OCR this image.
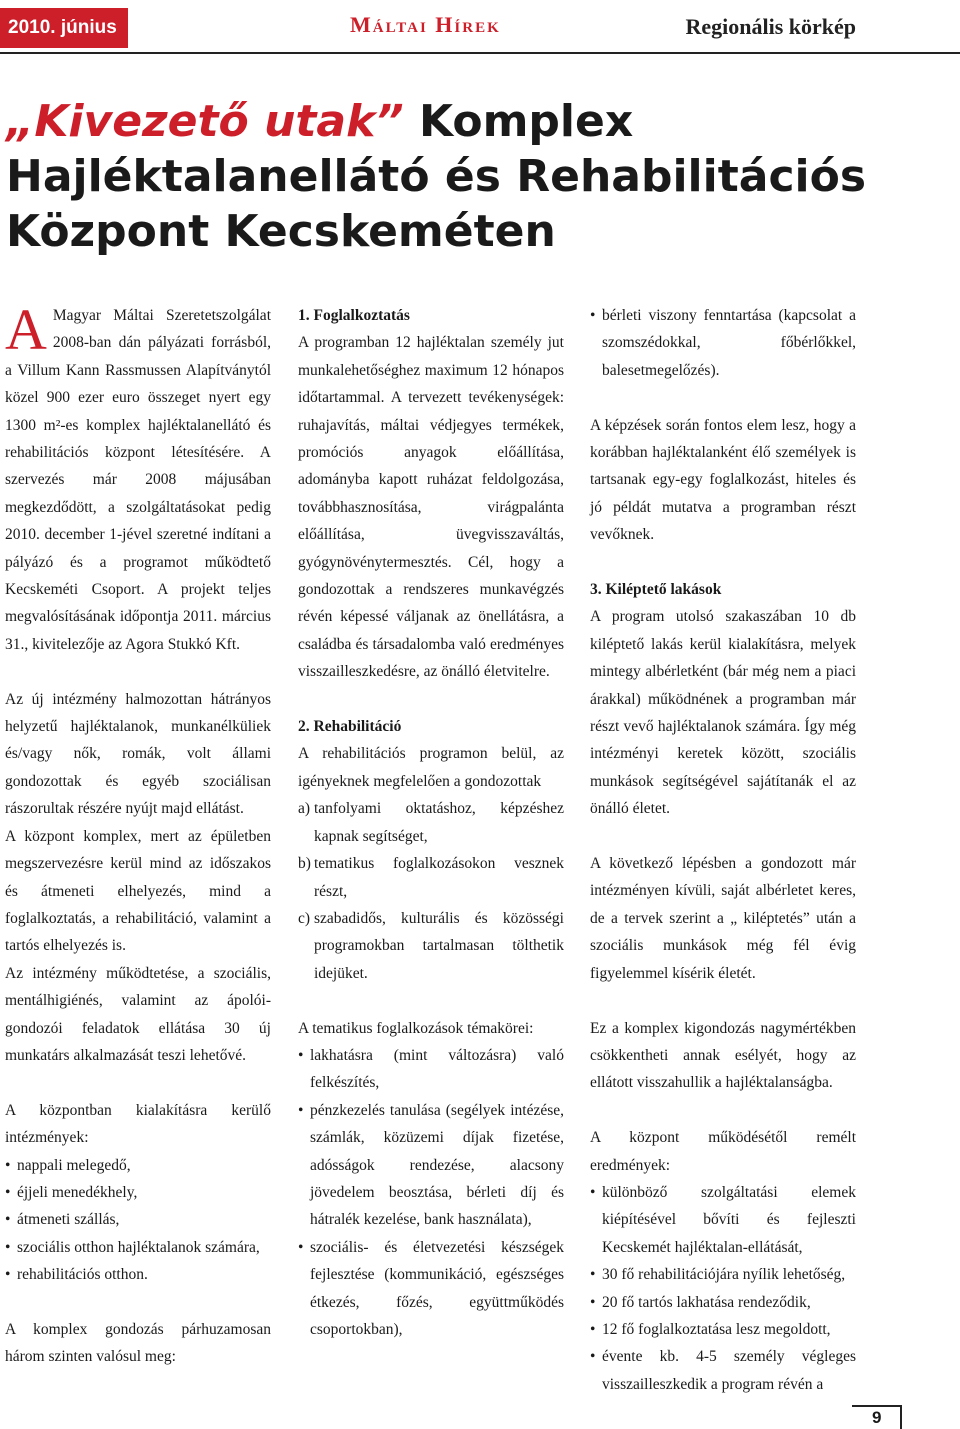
2010. június	Máltai Hírek	Regionális körkép
„Kivezető utak” Komplex Hajléktalanellátó és Rehabilitációs Központ Kecskeméten

A Magyar Máltai Szeretetszolgálat 2008-ban dán pályázati forrásból, a Villum Kann Rassmussen Alapítványtól közel 900 ezer euro összeget nyert egy 1300 m²-es komplex hajléktalanellátó és rehabilitációs központ létesítésére. A szervezés már 2008 májusában megkezdődött, a szolgáltatásokat pedig 2010. december 1-jével szeretné indítani a pályázó és a programot működtető Kecskeméti Csoport. A projekt teljes megvalósításának időpontja 2011. március 31., kivitelezője az Agora Stukkó Kft.

Az új intézmény halmozottan hátrányos helyzetű hajléktalanok, munkanélküliek és/vagy nők, romák, volt állami gondozottak és egyéb szociálisan rászorultak részére nyújt majd ellátást.

A központ komplex, mert az épületben megszervezésre kerül mind az időszakos és átmeneti elhelyezés, mind a foglalkoztatás, a rehabilitáció, valamint a tartós elhelyezés is.

Az intézmény működtetése, a szociális, mentálhigiénés, valamint az ápolói-gondozói feladatok ellátása 30 új munkatárs alkalmazását teszi lehetővé.

A központban kialakításra kerülő intézmények:

• nappali melegedő,
• éjjeli menedékhely,
• átmeneti szállás,
• szociális otthon hajléktalanok számára,
• rehabilitációs otthon.

A komplex gondozás párhuzamosan három szinten valósul meg:

1. Foglalkoztatás

A programban 12 hajléktalan személy jut munkalehetőséghez maximum 12 hónapos időtartammal. A tervezett tevékenységek: ruhajavítás, máltai védjegyes termékek, promóciós anyagok előállítása, adományba kapott ruházat feldolgozása, továbbhasznosítása, virágpalánta előállítása, üvegvisszaváltás, gyógynövénytermesztés. Cél, hogy a gondozottak a rendszeres munkavégzés révén képessé váljanak az önellátásra, a családba és társadalomba való eredményes visszailleszkedésre, az önálló életvitelre.

2. Rehabilitáció

A rehabilitációs programon belül, az igényeknek megfelelően a gondozottak

a) tanfolyami oktatáshoz, képzéshez kapnak segítséget,
b) tematikus foglalkozásokon vesznek részt,
c) szabadidős, kulturális és közösségi programokban tartalmasan tölthetik idejüket.

A tematikus foglalkozások témakörei:

• lakhatásra (mint változásra) való felkészítés,
• pénzkezelés tanulása (segélyek intézése, számlák, közüzemi díjak fizetése, adósságok rendezése, alacsony jövedelem beosztása, bérleti díj és hátralék kezelése, bank használata),
• szociális- és életvezetési készségek fejlesztése (kommunikáció, egészséges étkezés, főzés, együttműködés csoportokban),
• bérleti viszony fenntartása (kapcsolat a szomszédokkal, főbérlőkkel, balesetmegelőzés).

A képzések során fontos elem lesz, hogy a korábban hajléktalanként élő személyek is tartsanak egy-egy foglalkozást, hiteles és jó példát mutatva a programban részt vevőknek.

3. Kiléptető lakások

A program utolsó szakaszában 10 db kiléptető lakás kerül kialakításra, melyek mintegy albérletként (bár még nem a piaci árakkal) működnének a programban már részt vevő hajléktalanok számára. Így még intézményi keretek között, szociális munkások segítségével sajátítanák el az önálló életet.

A következő lépésben a gondozott már intézményen kívüli, saját albérletet keres, de a tervek szerint a „ kiléptetés” után a szociális munkások még fél évig figyelemmel kísérik életét.

Ez a komplex kigondozás nagymértékben csökkentheti annak esélyét, hogy az ellátott visszahullik a hajléktalanságba.

A központ működésétől remélt eredmények:

• különböző szolgáltatási elemek kiépítésével bővíti és fejleszti Kecskemét hajléktalan-ellátását,
• 30 fő rehabilitációjára nyílik lehetőség,
• 20 fő tartós lakhatása rendeződik,
• 12 fő foglalkoztatása lesz megoldott,
• évente kb. 4-5 személy végleges visszailleszkedik a program révén a
9
